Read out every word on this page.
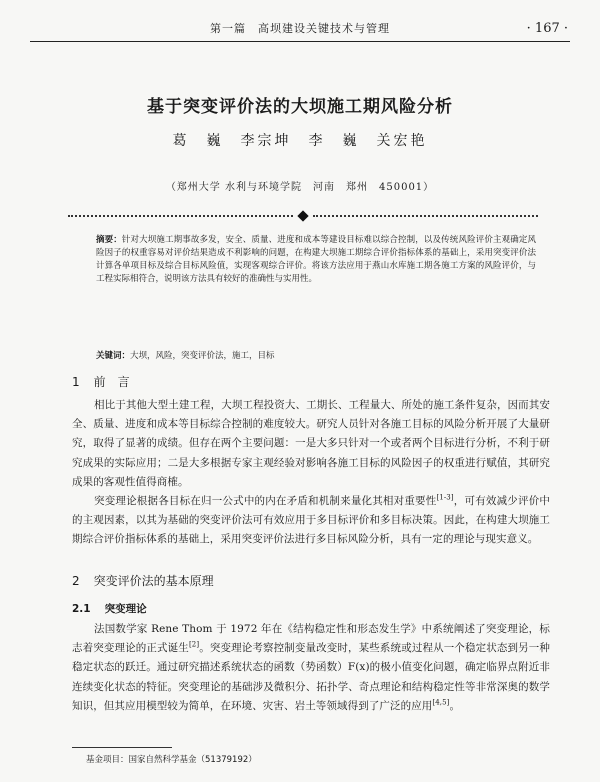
第一篇　高坝建设关键技术与管理	· 167 ·
基于突变评价法的大坝施工期风险分析
葛　巍　李宗坤　李　巍　关宏艳
（郑州大学 水利与环境学院　河南　郑州　450001）
摘要：针对大坝施工期事故多发，安全、质量、进度和成本等建设目标难以综合控制，以及传统风险评价主观确定风险因子的权重容易对评价结果造成不利影响的问题，在构建大坝施工期综合评价指标体系的基础上，采用突变评价法计算各单项目标及综合目标风险值，实现客观综合评价。将该方法应用于燕山水库施工期各施工方案的风险评价，与工程实际相符合，说明该方法具有较好的准确性与实用性。
关键词：大坝，风险，突变评价法，施工，目标
1 前　言

相比于其他大型土建工程，大坝工程投资大、工期长、工程量大、所处的施工条件复杂，因而其安全、质量、进度和成本等目标综合控制的难度较大。研究人员针对各施工目标的风险分析开展了大量研究，取得了显著的成绩。但存在两个主要问题：一是大多只针对一个或者两个目标进行分析，不利于研究成果的实际应用；二是大多根据专家主观经验对影响各施工目标的风险因子的权重进行赋值，其研究成果的客观性值得商榷。

突变理论根据各目标在归一公式中的内在矛盾和机制来量化其相对重要性[1-3]，可有效减少评价中的主观因素，以其为基础的突变评价法可有效应用于多目标评价和多目标决策。因此，在构建大坝施工期综合评价指标体系的基础上，采用突变评价法进行多目标风险分析，具有一定的理论与现实意义。

2 突变评价法的基本原理
2.1 突变理论

法国数学家 Rene Thom 于 1972 年在《结构稳定性和形态发生学》中系统阐述了突变理论，标志着突变理论的正式诞生[2]。突变理论考察控制变量改变时，某些系统或过程从一个稳定状态到另一种稳定状态的跃迁。通过研究描述系统状态的函数（势函数）F(x)的极小值变化问题，确定临界点附近非连续变化状态的特征。突变理论的基础涉及微积分、拓扑学、奇点理论和结构稳定性等非常深奥的数学知识，但其应用模型较为简单，在环境、灾害、岩土等领域得到了广泛的应用[4,5]。

基金项目：国家自然科学基金（51379192）
